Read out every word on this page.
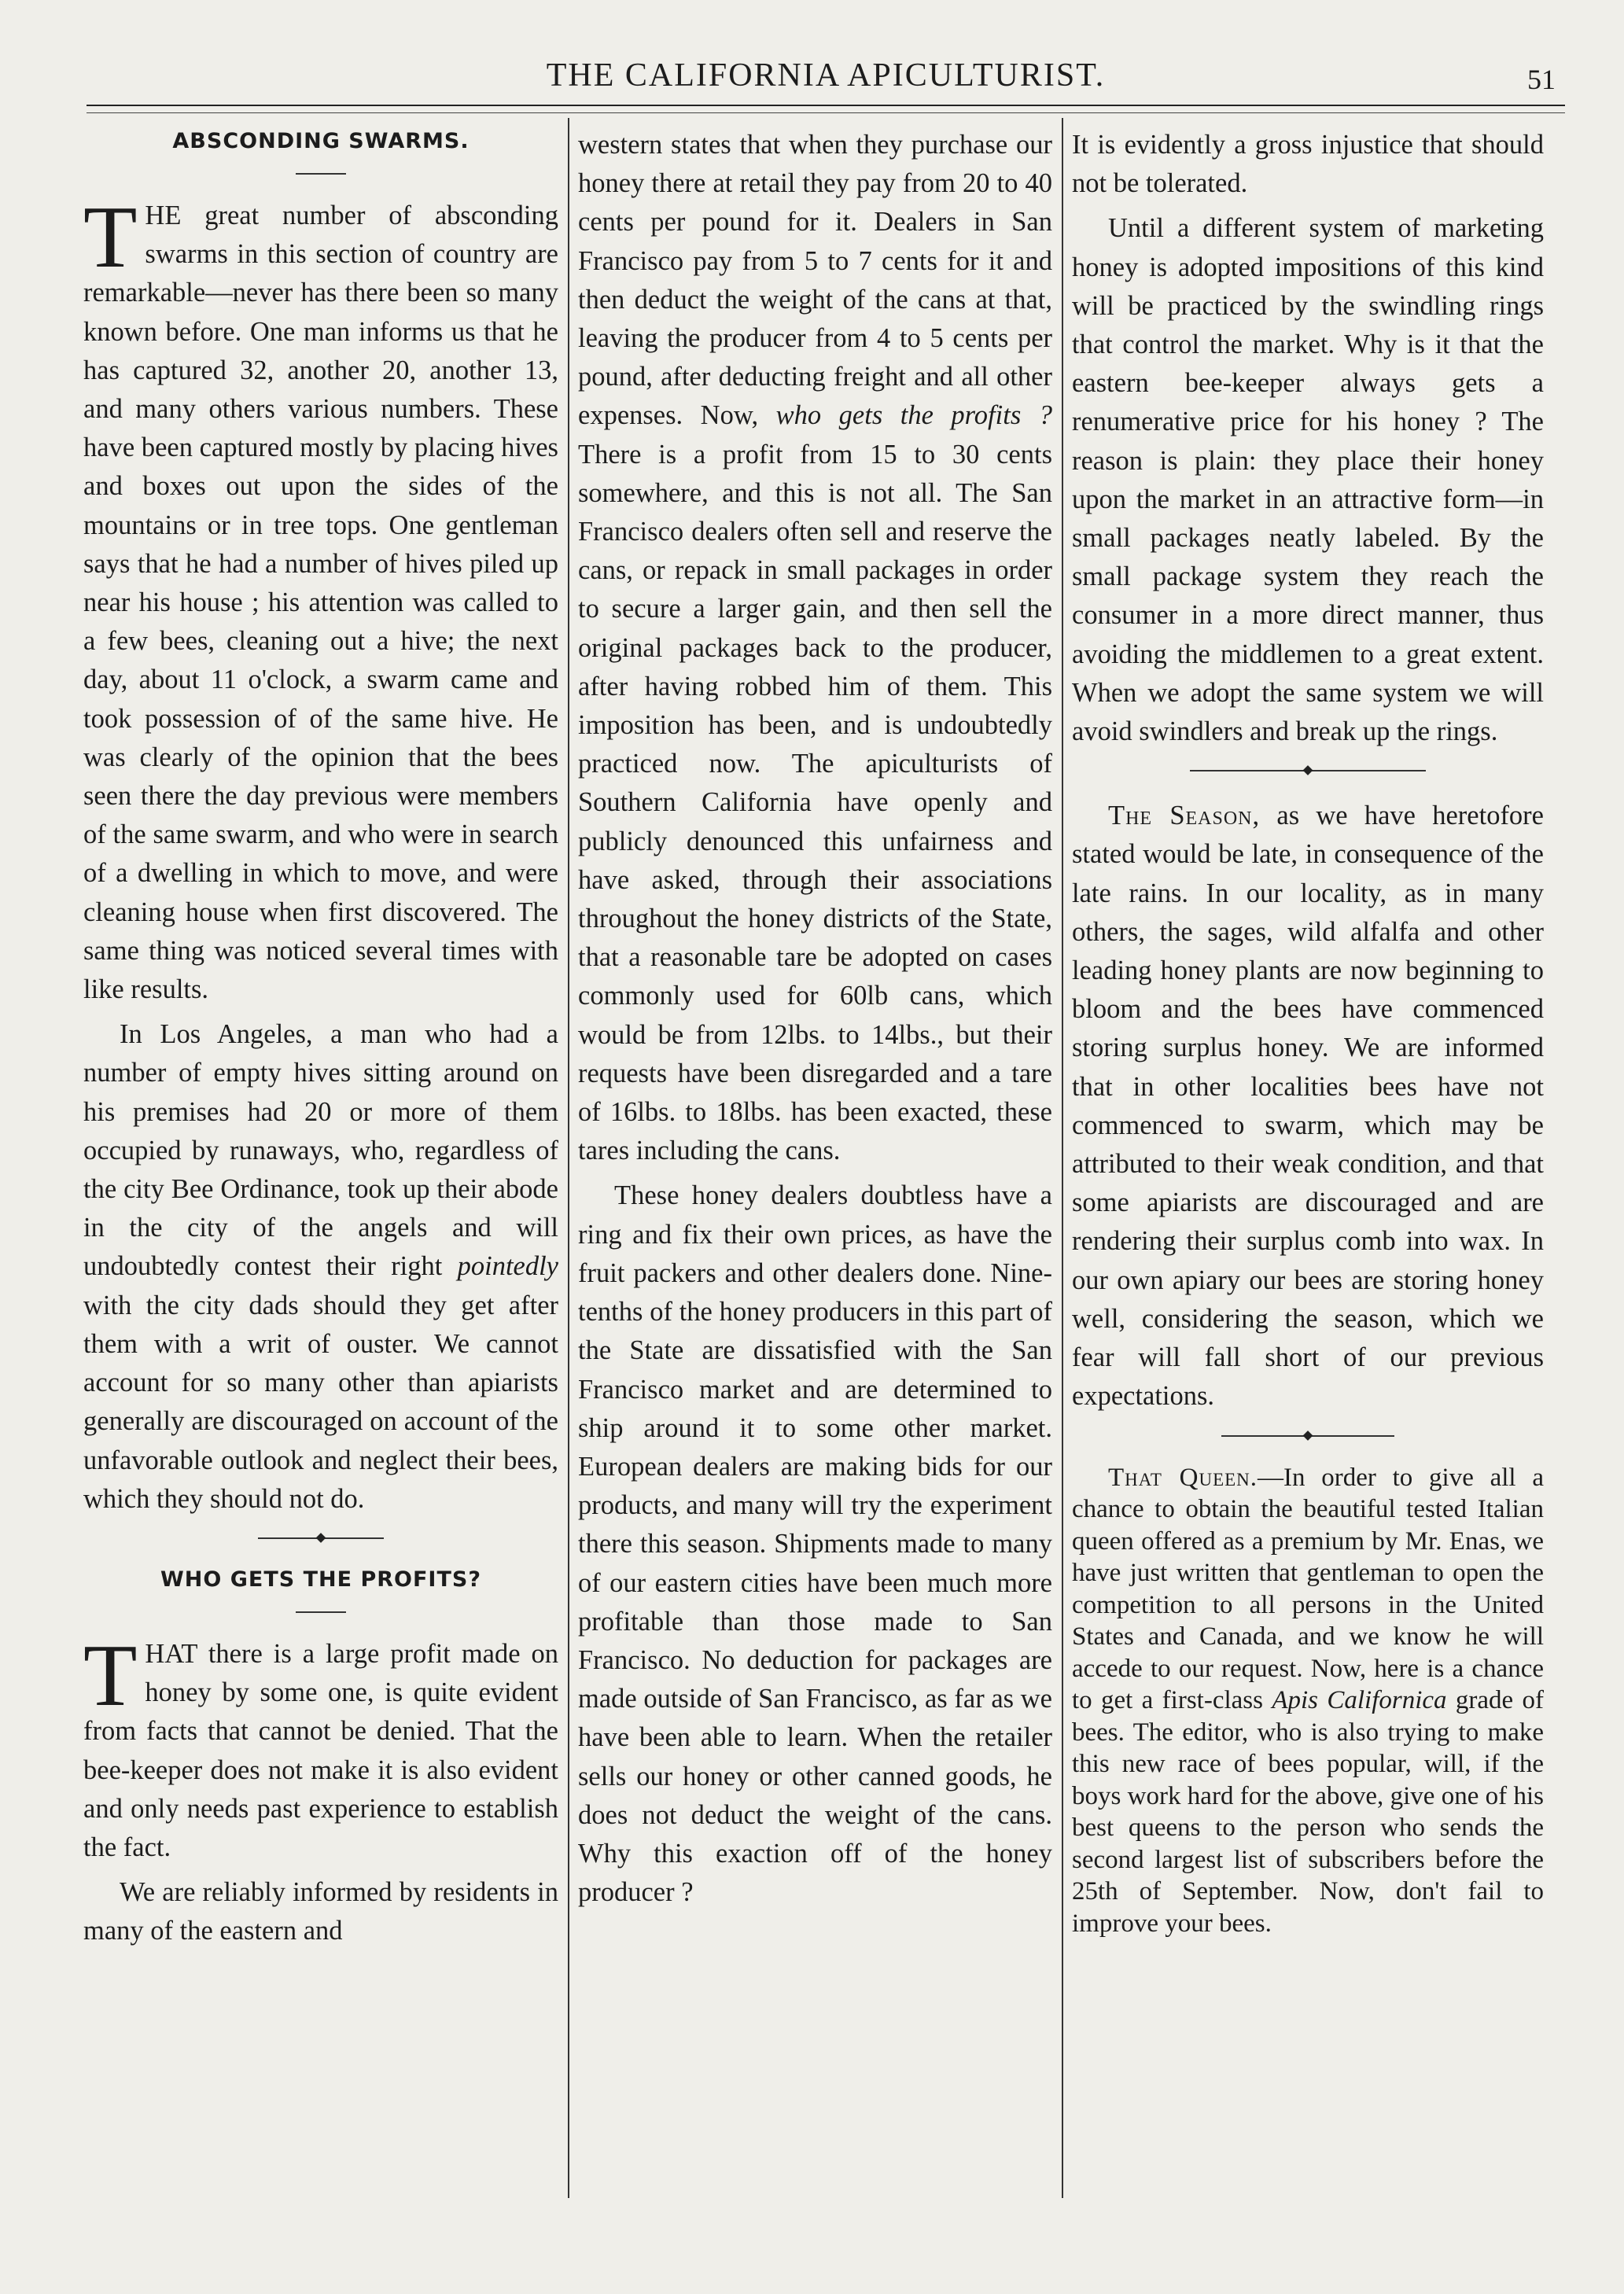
THE CALIFORNIA APICULTURIST.	51
ABSCONDING SWARMS.

THE great number of absconding swarms in this section of country are remarkable—never has there been so many known before. One man informs us that he has captured 32, another 20, another 13, and many others various numbers. These have been captured mostly by placing hives and boxes out upon the sides of the mountains or in tree tops. One gentleman says that he had a number of hives piled up near his house ; his attention was called to a few bees, cleaning out a hive; the next day, about 11 o'clock, a swarm came and took possession of of the same hive. He was clearly of the opinion that the bees seen there the day previous were members of the same swarm, and who were in search of a dwelling in which to move, and were cleaning house when first discovered. The same thing was noticed several times with like results.

In Los Angeles, a man who had a number of empty hives sitting around on his premises had 20 or more of them occupied by runaways, who, regardless of the city Bee Ordinance, took up their abode in the city of the angels and will undoubtedly contest their right pointedly with the city dads should they get after them with a writ of ouster. We cannot account for so many other than apiarists generally are discouraged on account of the unfavorable outlook and neglect their bees, which they should not do.

WHO GETS THE PROFITS?

THAT there is a large profit made on honey by some one, is quite evident from facts that cannot be denied. That the bee-keeper does not make it is also evident and only needs past experience to establish the fact.

We are reliably informed by residents in many of the eastern and

western states that when they purchase our honey there at retail they pay from 20 to 40 cents per pound for it. Dealers in San Francisco pay from 5 to 7 cents for it and then deduct the weight of the cans at that, leaving the producer from 4 to 5 cents per pound, after deducting freight and all other expenses. Now, who gets the profits ? There is a profit from 15 to 30 cents somewhere, and this is not all. The San Francisco dealers often sell and reserve the cans, or repack in small packages in order to secure a larger gain, and then sell the original packages back to the producer, after having robbed him of them. This imposition has been, and is undoubtedly practiced now. The apiculturists of Southern California have openly and publicly denounced this unfairness and have asked, through their associations throughout the honey districts of the State, that a reasonable tare be adopted on cases commonly used for 60lb cans, which would be from 12lbs. to 14lbs., but their requests have been disregarded and a tare of 16lbs. to 18lbs. has been exacted, these tares including the cans.

These honey dealers doubtless have a ring and fix their own prices, as have the fruit packers and other dealers done. Nine-tenths of the honey producers in this part of the State are dissatisfied with the San Francisco market and are determined to ship around it to some other market. European dealers are making bids for our products, and many will try the experiment there this season. Shipments made to many of our eastern cities have been much more profitable than those made to San Francisco. No deduction for packages are made outside of San Francisco, as far as we have been able to learn. When the retailer sells our honey or other canned goods, he does not deduct the weight of the cans. Why this exaction off of the honey producer ?

It is evidently a gross injustice that should not be tolerated.

Until a different system of marketing honey is adopted impositions of this kind will be practiced by the swindling rings that control the market. Why is it that the eastern bee-keeper always gets a renumerative price for his honey ? The reason is plain: they place their honey upon the market in an attractive form—in small packages neatly labeled. By the small package system they reach the consumer in a more direct manner, thus avoiding the middlemen to a great extent. When we adopt the same system we will avoid swindlers and break up the rings.

The Season, as we have heretofore stated would be late, in consequence of the late rains. In our locality, as in many others, the sages, wild alfalfa and other leading honey plants are now beginning to bloom and the bees have commenced storing surplus honey. We are informed that in other localities bees have not commenced to swarm, which may be attributed to their weak condition, and that some apiarists are discouraged and are rendering their surplus comb into wax. In our own apiary our bees are storing honey well, considering the season, which we fear will fall short of our previous expectations.

That Queen.—In order to give all a chance to obtain the beautiful tested Italian queen offered as a premium by Mr. Enas, we have just written that gentleman to open the competition to all persons in the United States and Canada, and we know he will accede to our request. Now, here is a chance to get a first-class Apis Californica grade of bees. The editor, who is also trying to make this new race of bees popular, will, if the boys work hard for the above, give one of his best queens to the person who sends the second largest list of subscribers before the 25th of September. Now, don't fail to improve your bees.
